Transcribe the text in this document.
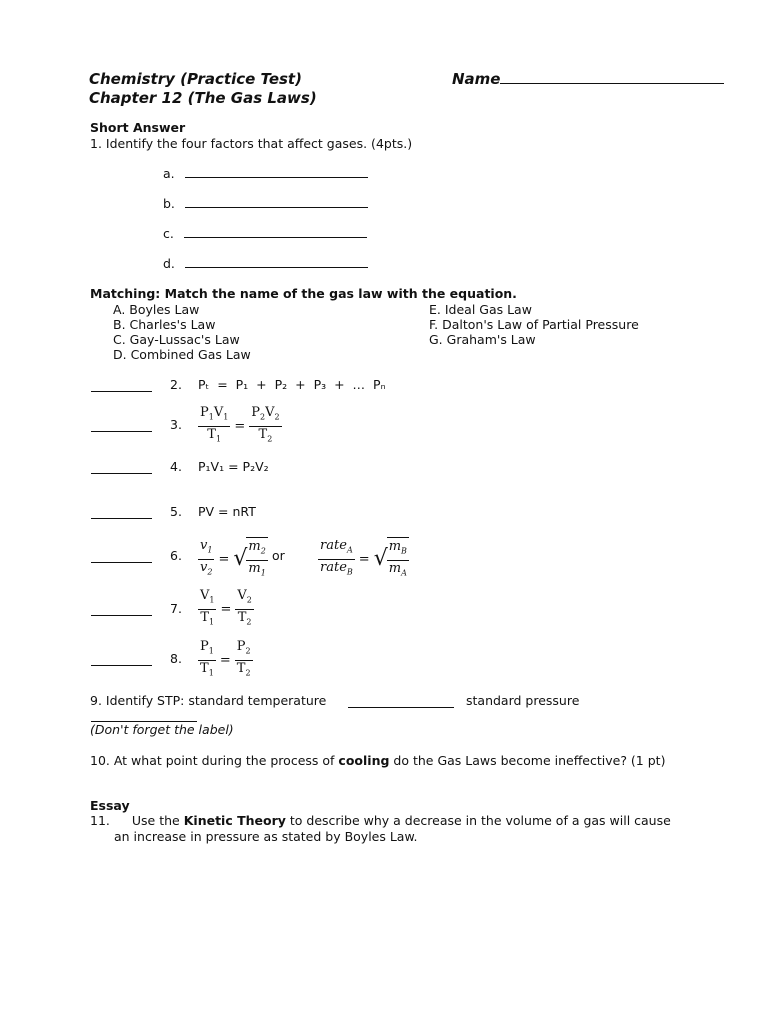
Chemistry (Practice Test)
Chapter 12 (The Gas Laws)
Name
Short Answer
1. Identify the four factors that affect gases. (4pts.)
a.
b.
c.
d.
Matching: Match the name of the gas law with the equation.
A. Boyles Law
B. Charles's Law
C. Gay-Lussac's Law
D. Combined Gas Law
E. Ideal Gas Law
F. Dalton's Law of Partial Pressure
G. Graham's Law
2. Pₜ = P₁ + P₂ + P₃ + … Pₙ
3. $\frac{P_1V_1}{T_1} = \frac{P_2V_2}{T_2}$
4. P₁V₁ = P₂V₂
5. PV = nRT
6. $\frac{v_1}{v_2}$ = √ $\frac{m_2}{m_1}$ or	$\frac{rate_A}{rate_B}$ = √ $\frac{m_B}{m_A}$
7. $\frac{V_1}{T_1} = \frac{V_2}{T_2}$
8. $\frac{P_1}{T_1} = \frac{P_2}{T_2}$
9. Identify STP: standard temperature	standard pressure
(Don't forget the label)
10. At what point during the process of cooling do the Gas Laws become ineffective? (1 pt)
Essay
11. Use the Kinetic Theory to describe why a decrease in the volume of a gas will cause
an increase in pressure as stated by Boyles Law.
